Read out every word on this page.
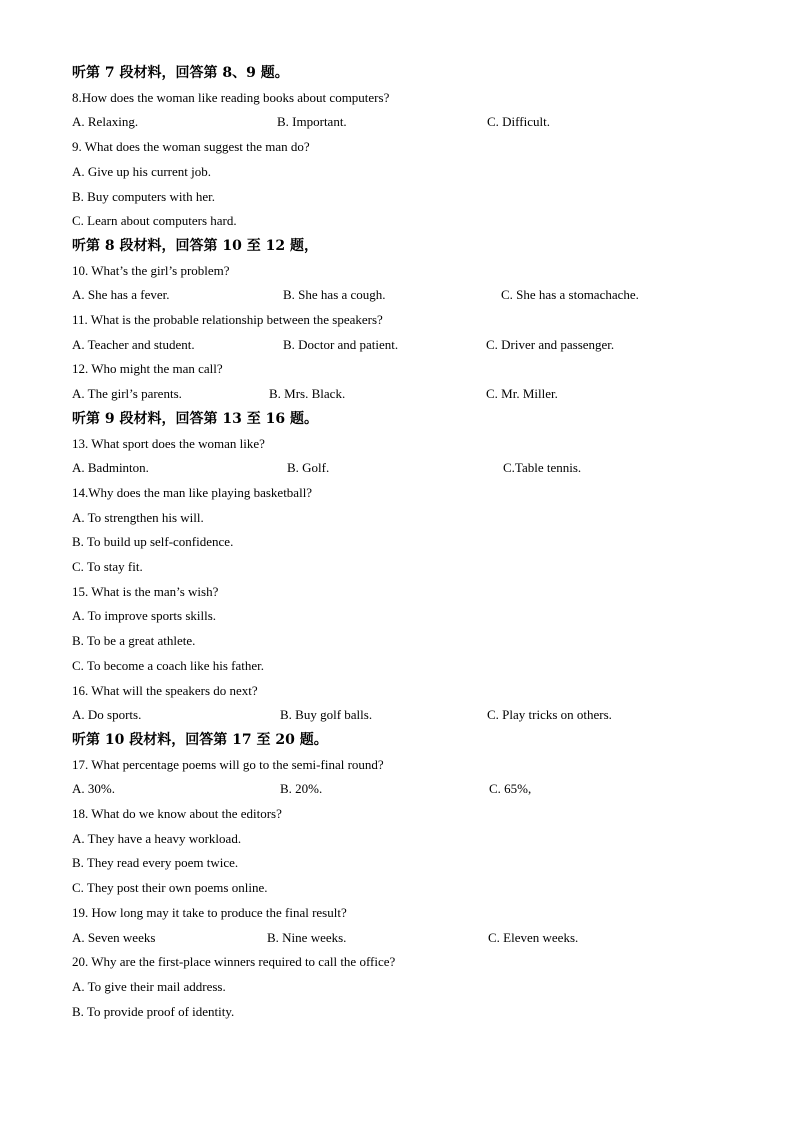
听第 7 段材料，回答第 8、9 题。
8.How does the woman like reading books about computers?
A. Relaxing.	B. Important.	C. Difficult.
9. What does the woman suggest the man do?
A. Give up his current job.
B. Buy computers with her.
C. Learn about computers hard.
听第 8 段材料，回答第 10 至 12 题，
10. What’s the girl’s problem?
A. She has a fever.	B. She has a cough.	C. She has a stomachache.
11. What is the probable relationship between the speakers?
A. Teacher and student.	B. Doctor and patient.	C. Driver and passenger.
12. Who might the man call?
A. The girl’s parents.	B. Mrs. Black.	C. Mr. Miller.
听第 9 段材料，回答第 13 至 16 题。
13. What sport does the woman like?
A. Badminton.	B. Golf.	C.Table tennis.
14.Why does the man like playing basketball?
A. To strengthen his will.
B. To build up self-confidence.
C. To stay fit.
15. What is the man’s wish?
A. To improve sports skills.
B. To be a great athlete.
C. To become a coach like his father.
16. What will the speakers do next?
A. Do sports.	B. Buy golf balls.	C. Play tricks on others.
听第 10 段材料，回答第 17 至 20 题。
17. What percentage poems will go to the semi-final round?
A. 30%.	B. 20%.	C. 65%,
18. What do we know about the editors?
A. They have a heavy workload.
B. They read every poem twice.
C. They post their own poems online.
19. How long may it take to produce the final result?
A. Seven weeks	B. Nine weeks.	C. Eleven weeks.
20. Why are the first-place winners required to call the office?
A. To give their mail address.
B. To provide proof of identity.
